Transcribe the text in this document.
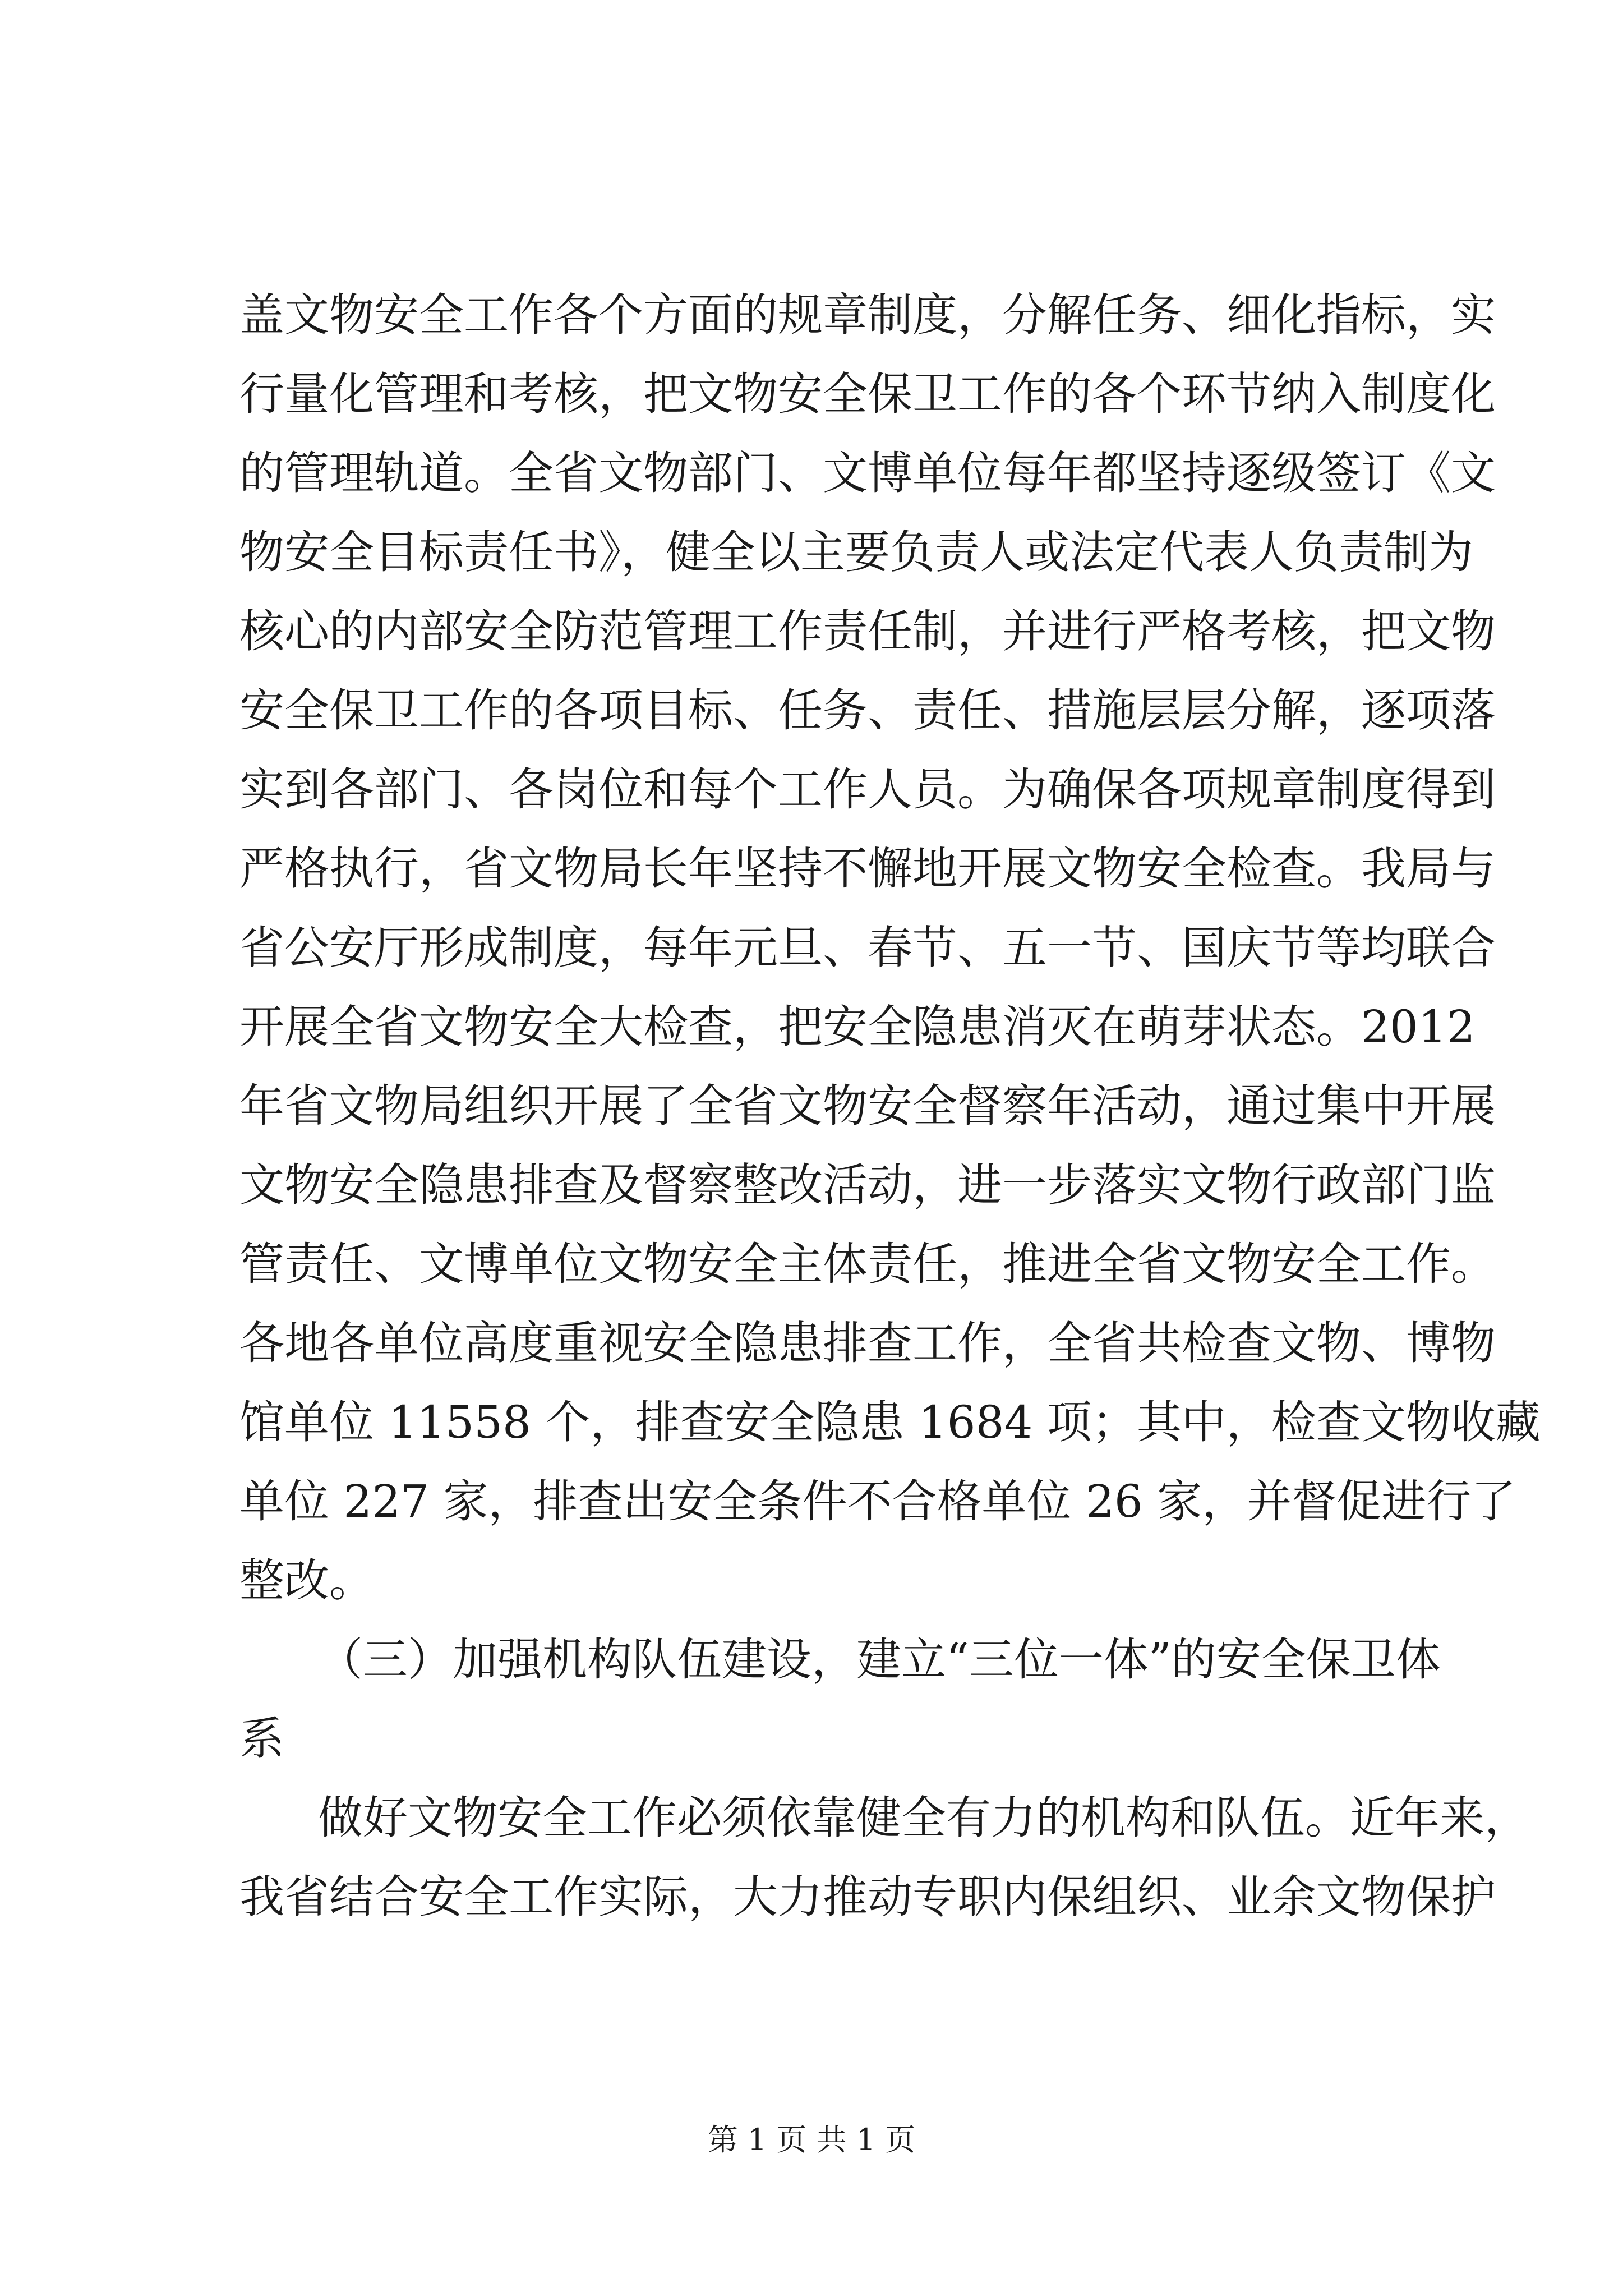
盖文物安全工作各个方面的规章制度，分解任务、细化指标，实
行量化管理和考核，把文物安全保卫工作的各个环节纳入制度化
的管理轨道。全省文物部门、文博单位每年都坚持逐级签订《文
物安全目标责任书》，健全以主要负责人或法定代表人负责制为
核心的内部安全防范管理工作责任制，并进行严格考核，把文物
安全保卫工作的各项目标、任务、责任、措施层层分解，逐项落
实到各部门、各岗位和每个工作人员。为确保各项规章制度得到
严格执行，省文物局长年坚持不懈地开展文物安全检查。我局与
省公安厅形成制度，每年元旦、春节、五一节、国庆节等均联合
开展全省文物安全大检查，把安全隐患消灭在萌芽状态。2012
年省文物局组织开展了全省文物安全督察年活动，通过集中开展
文物安全隐患排查及督察整改活动，进一步落实文物行政部门监
管责任、文博单位文物安全主体责任，推进全省文物安全工作。
各地各单位高度重视安全隐患排查工作，全省共检查文物、博物
馆单位 11558 个，排查安全隐患 1684 项；其中，检查文物收藏
单位 227 家，排查出安全条件不合格单位 26 家，并督促进行了
整改。
（三）加强机构队伍建设，建立“三位一体”的安全保卫体
系
做好文物安全工作必须依靠健全有力的机构和队伍。近年来，
我省结合安全工作实际，大力推动专职内保组织、业余文物保护
第 1 页 共 1 页
